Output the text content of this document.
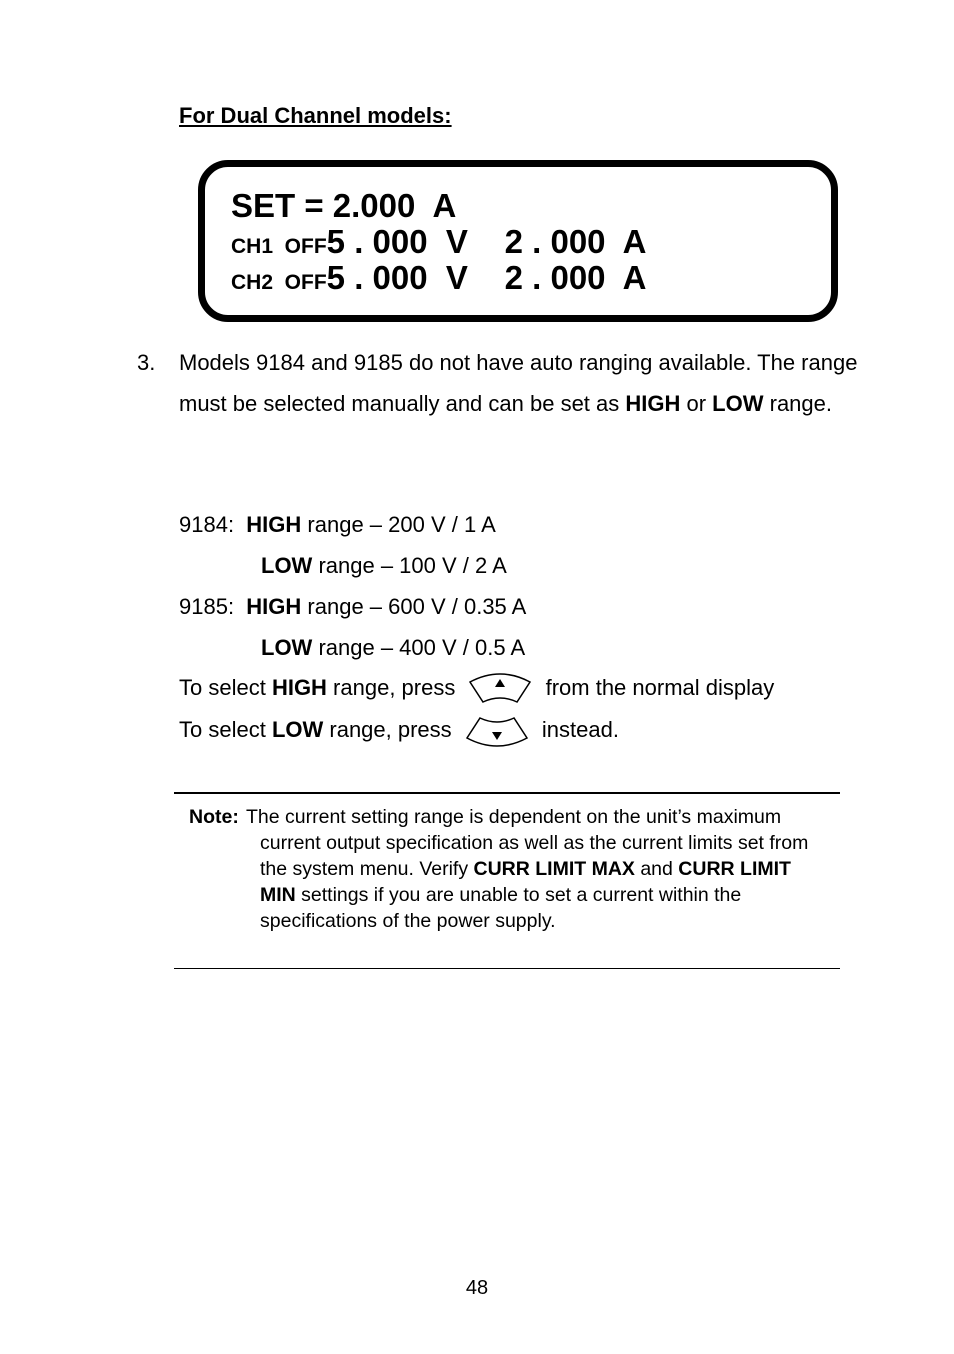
For Dual Channel models:
SET = 2.000  A
CH1  OFF5 . 000  V    2 . 000  A
CH2  OFF5 . 000  V    2 . 000  A
3. Models 9184 and 9185 do not have auto ranging available. The range must be selected manually and can be set as HIGH or LOW range.
9184: HIGH range – 200 V / 1 A
LOW range – 100 V / 2 A
9185: HIGH range – 600 V / 0.35 A
LOW range – 400 V / 0.5 A
To select HIGH range, press	from the normal display
To select LOW range, press	instead.
Note: The current setting range is dependent on the unit’s maximum current output specification as well as the current limits set from the system menu. Verify CURR LIMIT MAX and CURR LIMIT MIN settings if you are unable to set a current within the specifications of the power supply.
48
